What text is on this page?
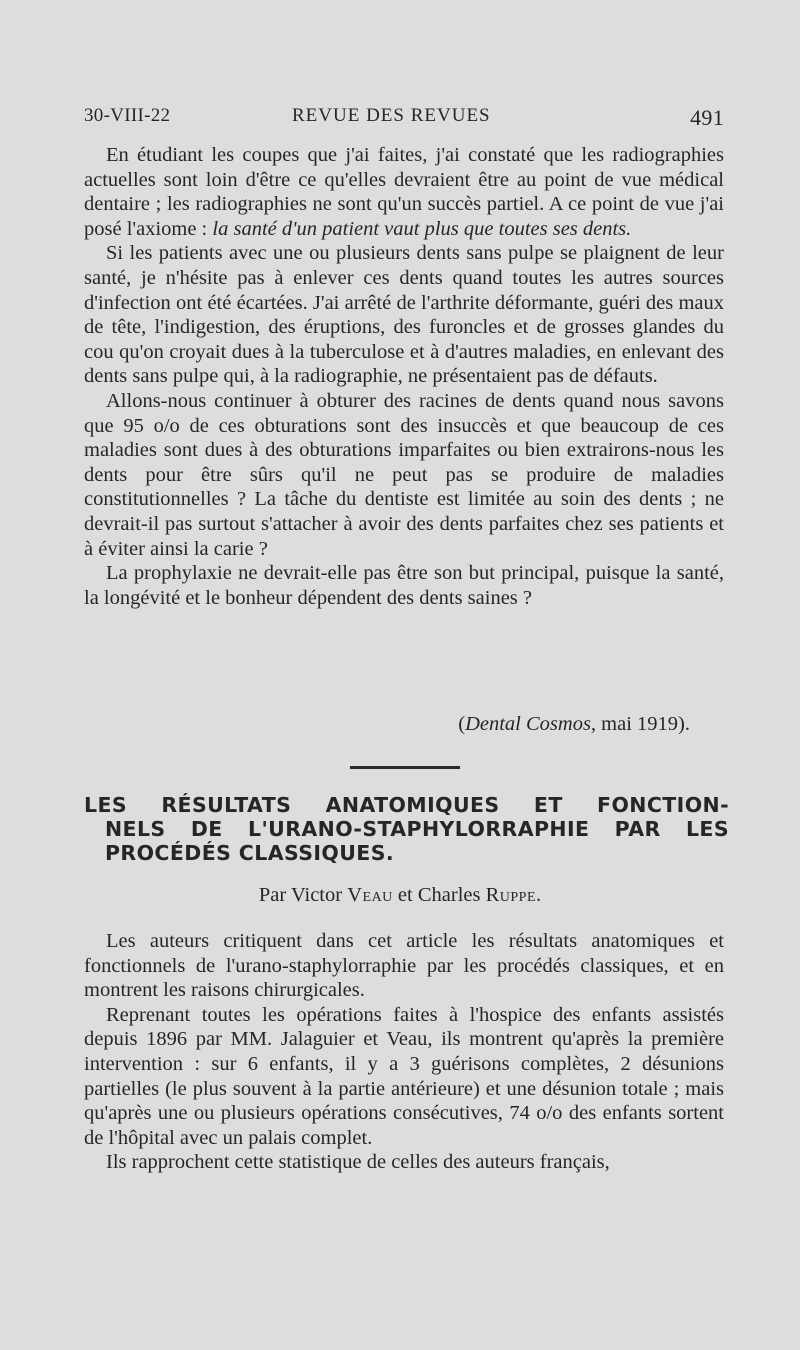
30-VIII-22	REVUE DES REVUES	491

En étudiant les coupes que j'ai faites, j'ai constaté que les radiographies actuelles sont loin d'être ce qu'elles devraient être au point de vue médical dentaire ; les radiographies ne sont qu'un succès partiel. A ce point de vue j'ai posé l'axiome : la santé d'un patient vaut plus que toutes ses dents.

Si les patients avec une ou plusieurs dents sans pulpe se plaignent de leur santé, je n'hésite pas à enlever ces dents quand toutes les autres sources d'infection ont été écartées. J'ai arrêté de l'arthrite déformante, guéri des maux de tête, l'indigestion, des éruptions, des furoncles et de grosses glandes du cou qu'on croyait dues à la tuberculose et à d'autres maladies, en enlevant des dents sans pulpe qui, à la radiographie, ne présentaient pas de défauts.

Allons-nous continuer à obturer des racines de dents quand nous savons que 95 o/o de ces obturations sont des insuccès et que beaucoup de ces maladies sont dues à des obturations imparfaites ou bien extrairons-nous les dents pour être sûrs qu'il ne peut pas se produire de maladies constitutionnelles ? La tâche du dentiste est limitée au soin des dents ; ne devrait-il pas surtout s'attacher à avoir des dents parfaites chez ses patients et à éviter ainsi la carie ?

La prophylaxie ne devrait-elle pas être son but principal, puisque la santé, la longévité et le bonheur dépendent des dents saines ?

(Dental Cosmos, mai 1919).
LES RÉSULTATS ANATOMIQUES ET FONCTION-
NELS DE L'URANO-STAPHYLORRAPHIE PAR LES
PROCÉDÉS CLASSIQUES.
Par Victor Veau et Charles Ruppe.

Les auteurs critiquent dans cet article les résultats anatomiques et fonctionnels de l'urano-staphylorraphie par les procédés classiques, et en montrent les raisons chirurgicales.

Reprenant toutes les opérations faites à l'hospice des enfants assistés depuis 1896 par MM. Jalaguier et Veau, ils montrent qu'après la première intervention : sur 6 enfants, il y a 3 guérisons complètes, 2 désunions partielles (le plus souvent à la partie antérieure) et une désunion totale ; mais qu'après une ou plusieurs opérations consécutives, 74 o/o des enfants sortent de l'hôpital avec un palais complet.

Ils rapprochent cette statistique de celles des auteurs français,
